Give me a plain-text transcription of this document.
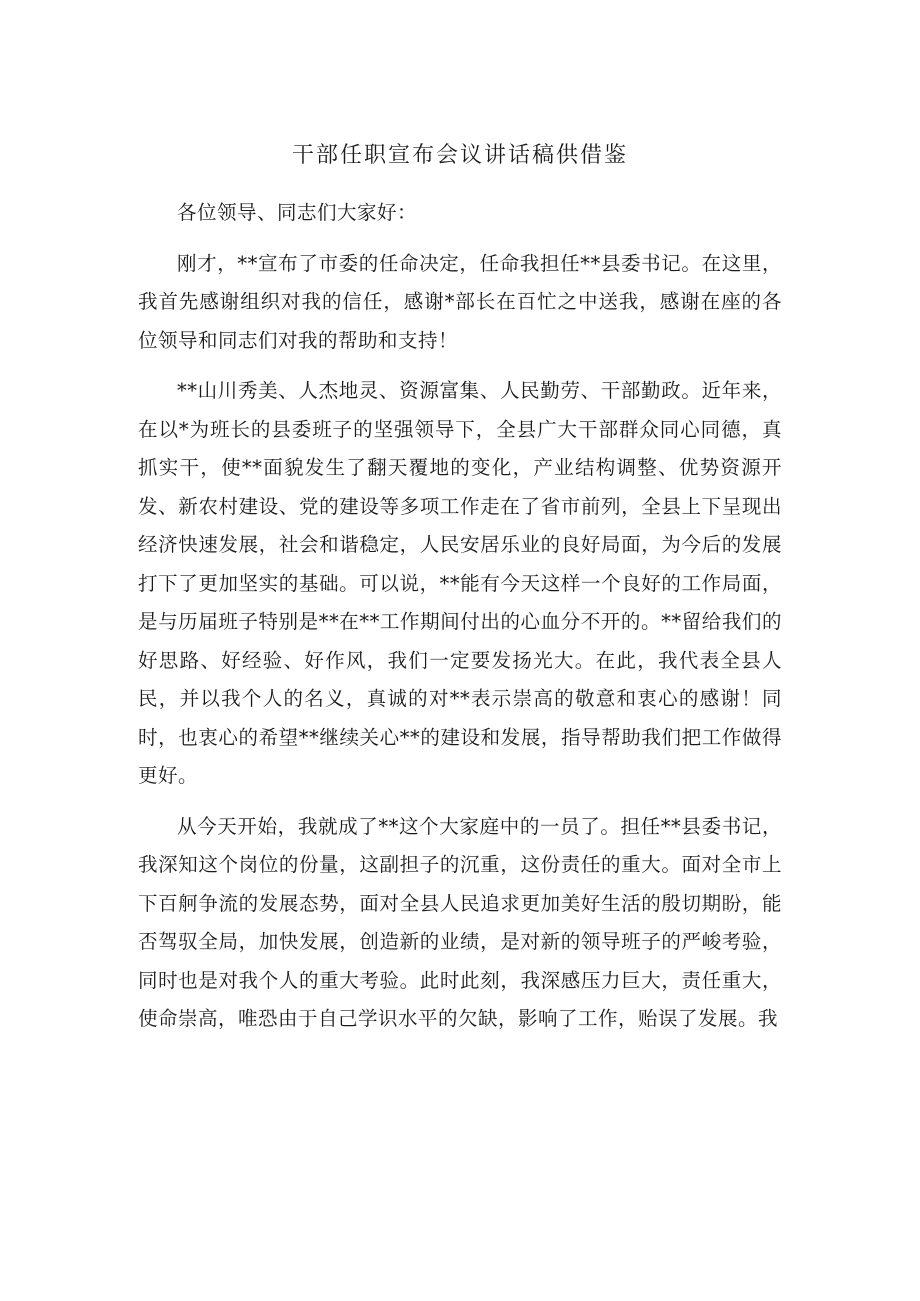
干部任职宣布会议讲话稿供借鉴

各位领导、同志们大家好：

刚才，**宣布了市委的任命决定，任命我担任**县委书记。在这里，我首先感谢组织对我的信任，感谢*部长在百忙之中送我，感谢在座的各位领导和同志们对我的帮助和支持！

**山川秀美、人杰地灵、资源富集、人民勤劳、干部勤政。近年来，在以*为班长的县委班子的坚强领导下，全县广大干部群众同心同德，真抓实干，使**面貌发生了翻天覆地的变化，产业结构调整、优势资源开发、新农村建设、党的建设等多项工作走在了省市前列，全县上下呈现出经济快速发展，社会和谐稳定，人民安居乐业的良好局面，为今后的发展打下了更加坚实的基础。可以说，**能有今天这样一个良好的工作局面，是与历届班子特别是**在**工作期间付出的心血分不开的。**留给我们的好思路、好经验、好作风，我们一定要发扬光大。在此，我代表全县人民，并以我个人的名义，真诚的对**表示崇高的敬意和衷心的感谢！同时，也衷心的希望**继续关心**的建设和发展，指导帮助我们把工作做得更好。

从今天开始，我就成了**这个大家庭中的一员了。担任**县委书记，我深知这个岗位的份量，这副担子的沉重，这份责任的重大。面对全市上下百舸争流的发展态势，面对全县人民追求更加美好生活的殷切期盼，能否驾驭全局，加快发展，创造新的业绩，是对新的领导班子的严峻考验，同时也是对我个人的重大考验。此时此刻，我深感压力巨大，责任重大，使命崇高，唯恐由于自己学识水平的欠缺，影响了工作，贻误了发展。我
